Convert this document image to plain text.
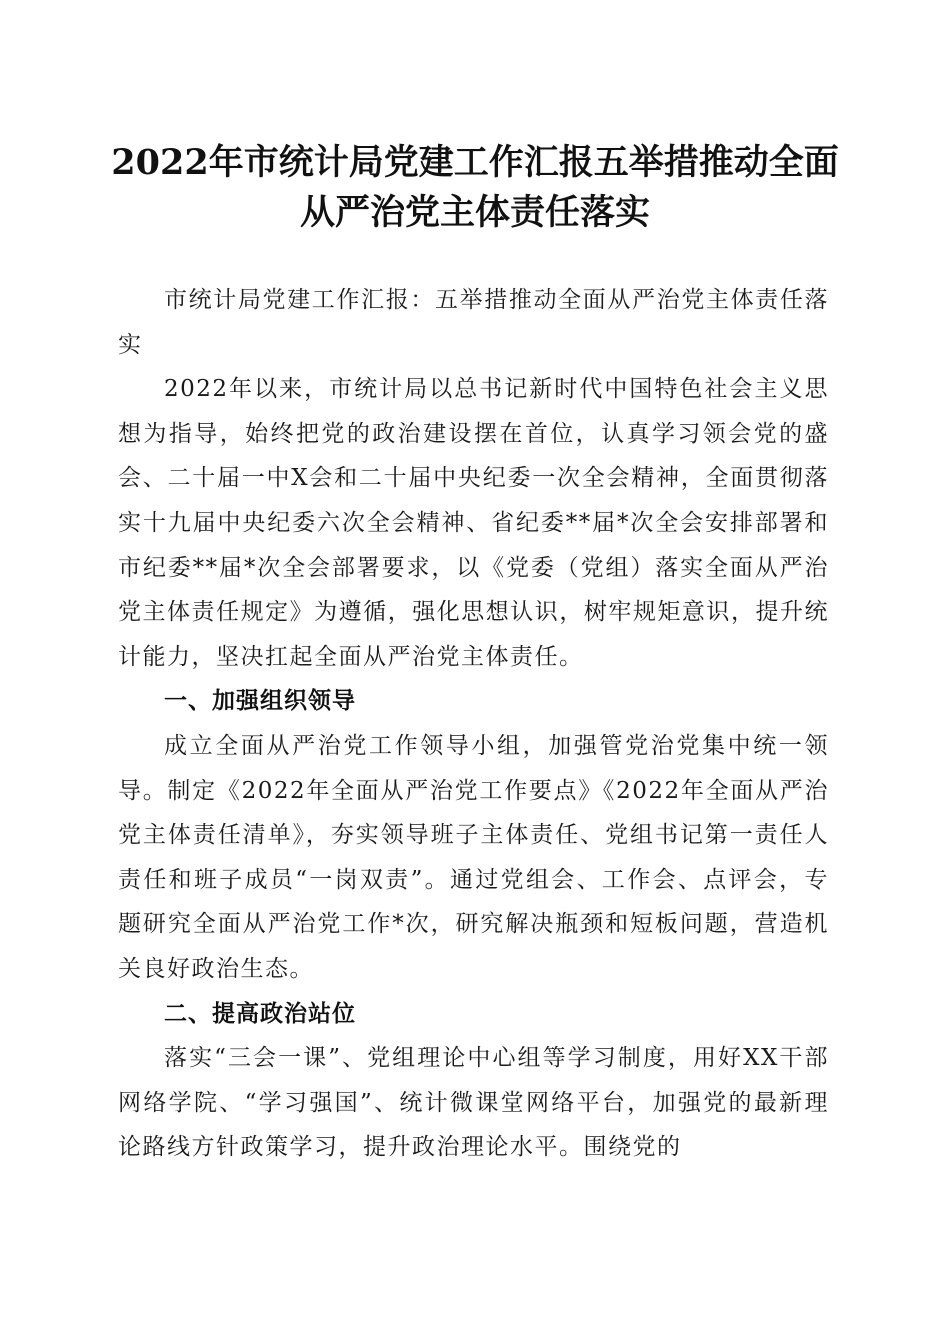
2022年市统计局党建工作汇报五举措推动全面从严治党主体责任落实

市统计局党建工作汇报：五举措推动全面从严治党主体责任落实

2022年以来，市统计局以总书记新时代中国特色社会主义思想为指导，始终把党的政治建设摆在首位，认真学习领会党的盛会、二十届一中X会和二十届中央纪委一次全会精神，全面贯彻落实十九届中央纪委六次全会精神、省纪委**届*次全会安排部署和市纪委**届*次全会部署要求，以《党委（党组）落实全面从严治党主体责任规定》为遵循，强化思想认识，树牢规矩意识，提升统计能力，坚决扛起全面从严治党主体责任。

一、加强组织领导

成立全面从严治党工作领导小组，加强管党治党集中统一领导。制定《2022年全面从严治党工作要点》《2022年全面从严治党主体责任清单》，夯实领导班子主体责任、党组书记第一责任人责任和班子成员“一岗双责”。通过党组会、工作会、点评会，专题研究全面从严治党工作*次，研究解决瓶颈和短板问题，营造机关良好政治生态。

二、提高政治站位

落实“三会一课”、党组理论中心组等学习制度，用好XX干部网络学院、“学习强国”、统计微课堂网络平台，加强党的最新理论路线方针政策学习，提升政治理论水平。围绕党的
